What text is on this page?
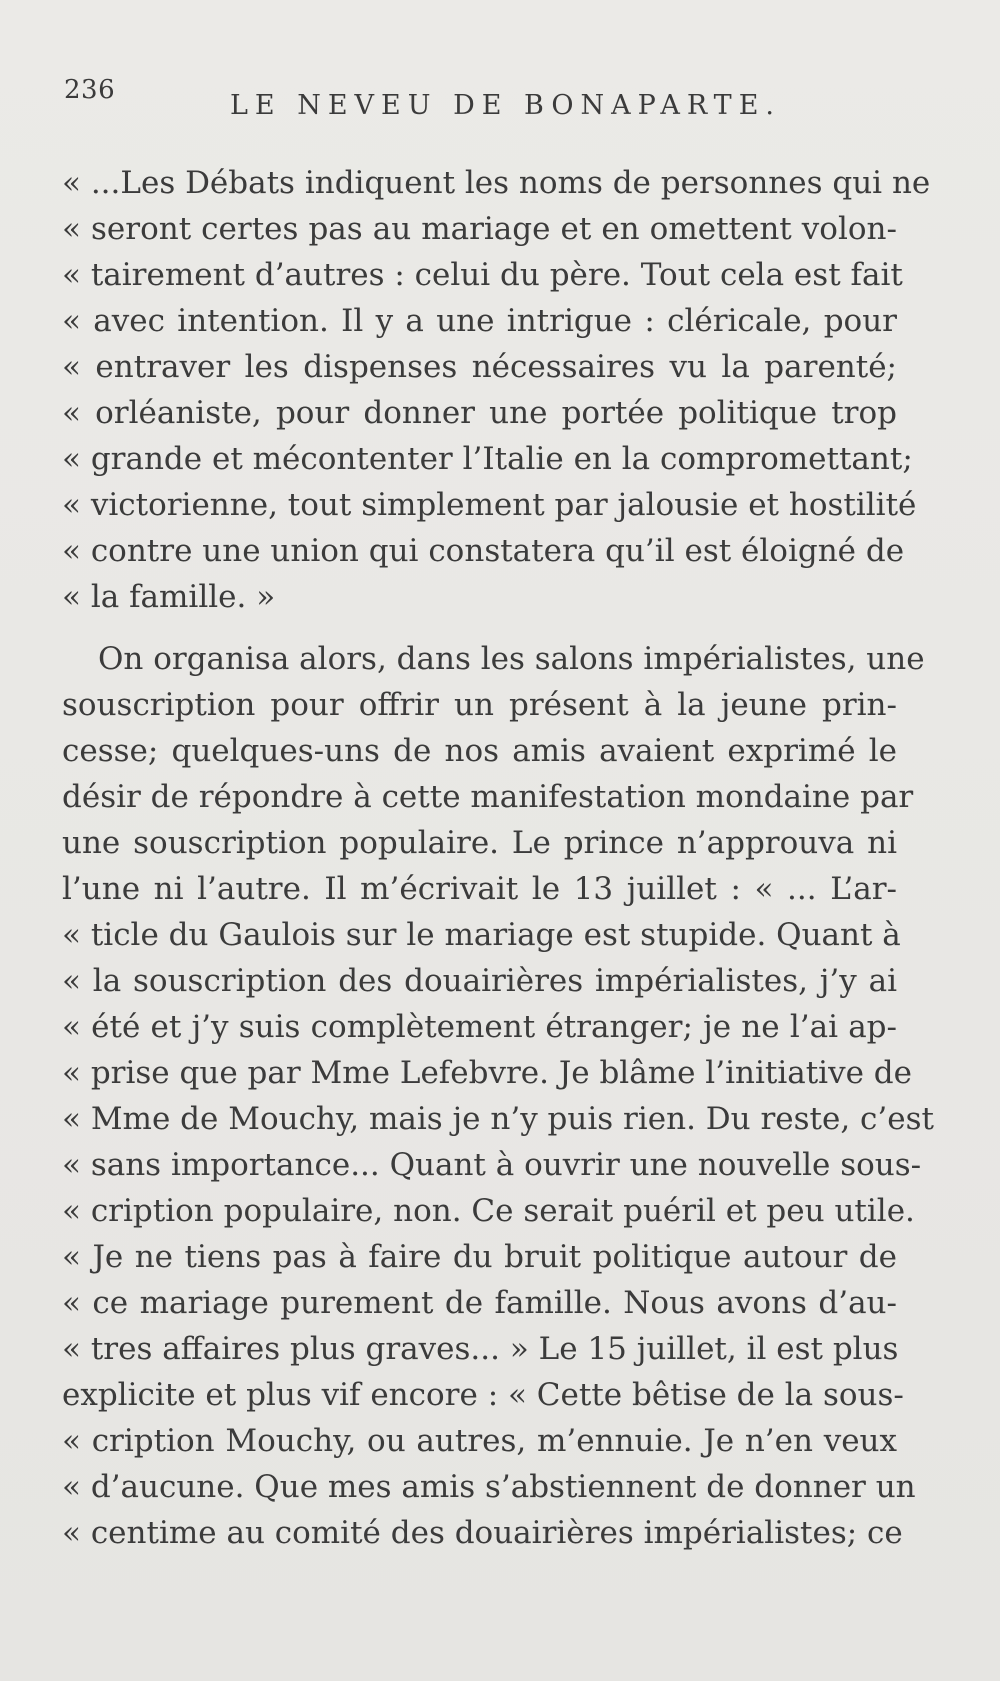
236	LE NEVEU DE BONAPARTE.
« ...Les Débats indiquent les noms de personnes qui ne
« seront certes pas au mariage et en omettent volon-
« tairement d’autres : celui du père. Tout cela est fait
« avec intention. Il y a une intrigue : cléricale, pour
« entraver les dispenses nécessaires vu la parenté;
« orléaniste, pour donner une portée politique trop
« grande et mécontenter l’Italie en la compromettant;
« victorienne, tout simplement par jalousie et hostilité
« contre une union qui constatera qu’il est éloigné de
« la famille. »
On organisa alors, dans les salons impérialistes, une
souscription pour offrir un présent à la jeune prin-
cesse; quelques-uns de nos amis avaient exprimé le
désir de répondre à cette manifestation mondaine par
une souscription populaire. Le prince n’approuva ni
l’une ni l’autre. Il m’écrivait le 13 juillet : « ... L’ar-
« ticle du Gaulois sur le mariage est stupide. Quant à
« la souscription des douairières impérialistes, j’y ai
« été et j’y suis complètement étranger; je ne l’ai ap-
« prise que par Mme Lefebvre. Je blâme l’initiative de
« Mme de Mouchy, mais je n’y puis rien. Du reste, c’est
« sans importance... Quant à ouvrir une nouvelle sous-
« cription populaire, non. Ce serait puéril et peu utile.
« Je ne tiens pas à faire du bruit politique autour de
« ce mariage purement de famille. Nous avons d’au-
« tres affaires plus graves... » Le 15 juillet, il est plus
explicite et plus vif encore : « Cette bêtise de la sous-
« cription Mouchy, ou autres, m’ennuie. Je n’en veux
« d’aucune. Que mes amis s’abstiennent de donner un
« centime au comité des douairières impérialistes; ce
